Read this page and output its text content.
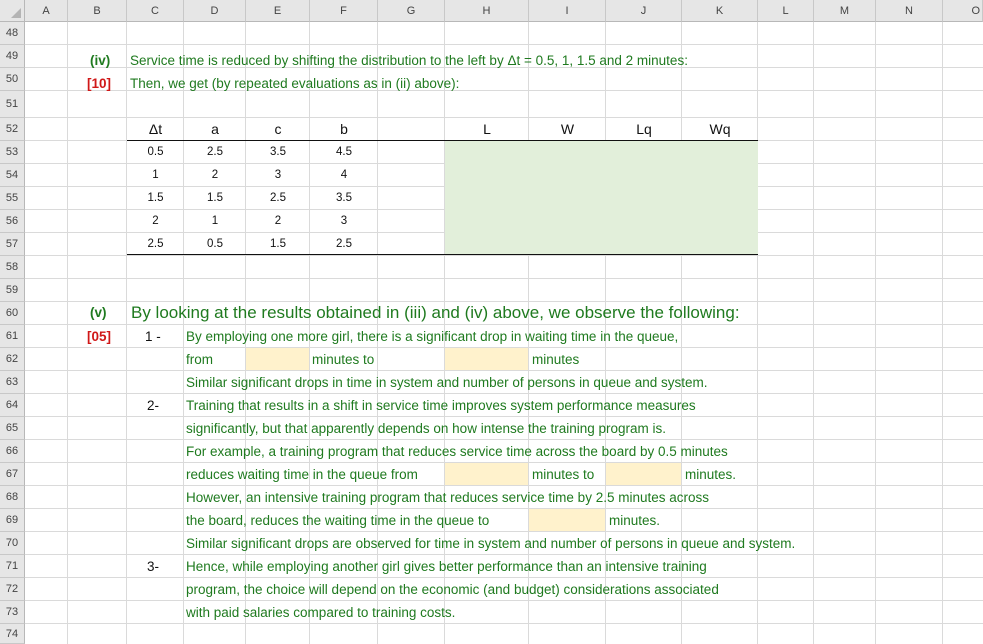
A	B	C	D	E	F	G	H	I	J	K	L	M	N	O
48
49
50
51
52
53
54
55
56
57
58
59
60
61
62
63
64
65
66
67
68
69
70
71
72
73
74
(iv) Service time is reduced by shifting the distribution to the left by Δt = 0.5, 1, 1.5 and 2 minutes:
[10] Then, we get (by repeated evaluations as in (ii) above):
Δt	a	c	b	L	W	Lq	Wq
0.5	2.5	3.5	4.5
1	2	3	4
1.5	1.5	2.5	3.5
2	1	2	3
2.5	0.5	1.5	2.5
(v) By looking at the results obtained in (iii) and (iv) above, we observe the following:
[05]	1 - By employing one more girl, there is a significant drop in waiting time in the queue,
from	minutes to	minutes
Similar significant drops in time in system and number of persons in queue and system.
2- Training that results in a shift in service time improves system performance measures
significantly, but that apparently depends on how intense the training program is.
For example, a training program that reduces service time across the board by 0.5 minutes
reduces waiting time in the queue from	minutes to	minutes.
However, an intensive training program that reduces service time by 2.5 minutes across
the board, reduces the waiting time in the queue to	minutes.
Similar significant drops are observed for time in system and number of persons in queue and system.
3- Hence, while employing another girl gives better performance than an intensive training
program, the choice will depend on the economic (and budget) considerations associated
with paid salaries compared to training costs.
